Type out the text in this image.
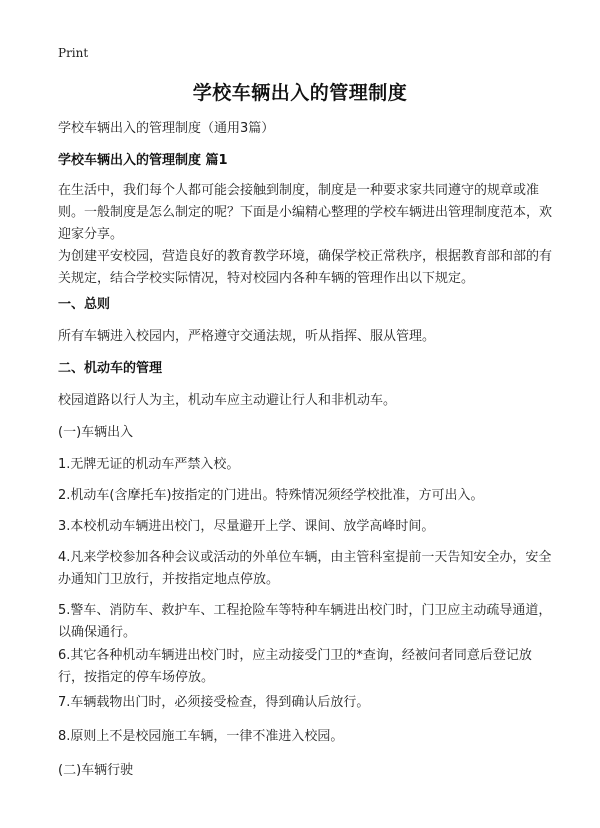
Print
学校车辆出入的管理制度
学校车辆出入的管理制度（通用3篇）
学校车辆出入的管理制度 篇1
在生活中，我们每个人都可能会接触到制度，制度是一种要求家共同遵守的规章或准则。一般制度是怎么制定的呢？下面是小编精心整理的学校车辆进出管理制度范本，欢迎家分享。
为创建平安校园，营造良好的教育教学环境，确保学校正常秩序，根据教育部和部的有关规定，结合学校实际情况，特对校园内各种车辆的管理作出以下规定。
一、总则
所有车辆进入校园内，严格遵守交通法规，听从指挥、服从管理。
二、机动车的管理
校园道路以行人为主，机动车应主动避让行人和非机动车。
(一)车辆出入
1.无牌无证的机动车严禁入校。
2.机动车(含摩托车)按指定的门进出。特殊情况须经学校批准，方可出入。
3.本校机动车辆进出校门，尽量避开上学、课间、放学高峰时间。
4.凡来学校参加各种会议或活动的外单位车辆，由主管科室提前一天告知安全办，安全办通知门卫放行，并按指定地点停放。
5.警车、消防车、救护车、工程抢险车等特种车辆进出校门时，门卫应主动疏导通道，以确保通行。
6.其它各种机动车辆进出校门时，应主动接受门卫的*查询，经被问者同意后登记放行，按指定的停车场停放。
7.车辆载物出门时，必须接受检查，得到确认后放行。
8.原则上不是校园施工车辆，一律不准进入校园。
(二)车辆行驶
